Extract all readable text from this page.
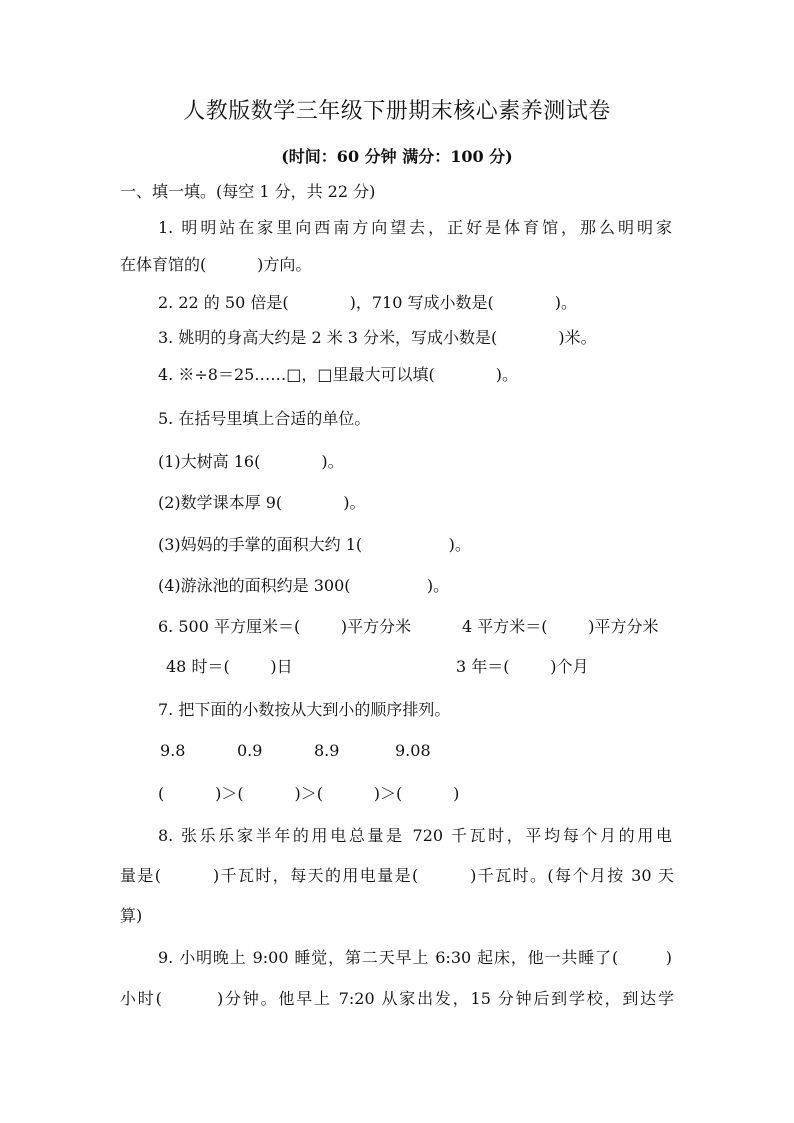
人教版数学三年级下册期末核心素养测试卷
(时间：60 分钟 满分：100 分)
一、填一填。(每空 1 分，共 22 分)
1. 明明站在家里向西南方向望去，正好是体育馆，那么明明家
在体育馆的(          )方向。
2. 22 的 50 倍是(            )，710 写成小数是(            )。
3. 姚明的身高大约是 2 米 3 分米，写成小数是(            )米。
4. ※÷8＝25……□，□里最大可以填(            )。
5. 在括号里填上合适的单位。
(1)大树高 16(            )。
(2)数学课本厚 9(            )。
(3)妈妈的手掌的面积大约 1(                 )。
(4)游泳池的面积约是 300(               )。
6. 500 平方厘米＝(        )平方分米	4 平方米＝(        )平方分米
48 时＝(        )日	3 年＝(        )个月
7. 把下面的小数按从大到小的顺序排列。
9.8	0.9	8.9	9.08
(          )＞(          )＞(          )＞(          )
8. 张乐乐家半年的用电总量是 720 千瓦时，平均每个月的用电
量是(        )千瓦时，每天的用电量是(        )千瓦时。(每个月按 30 天
算)
9. 小明晚上 9:00 睡觉，第二天早上 6:30 起床，他一共睡了(        )
小时(        )分钟。他早上 7:20 从家出发，15 分钟后到学校，到达学
